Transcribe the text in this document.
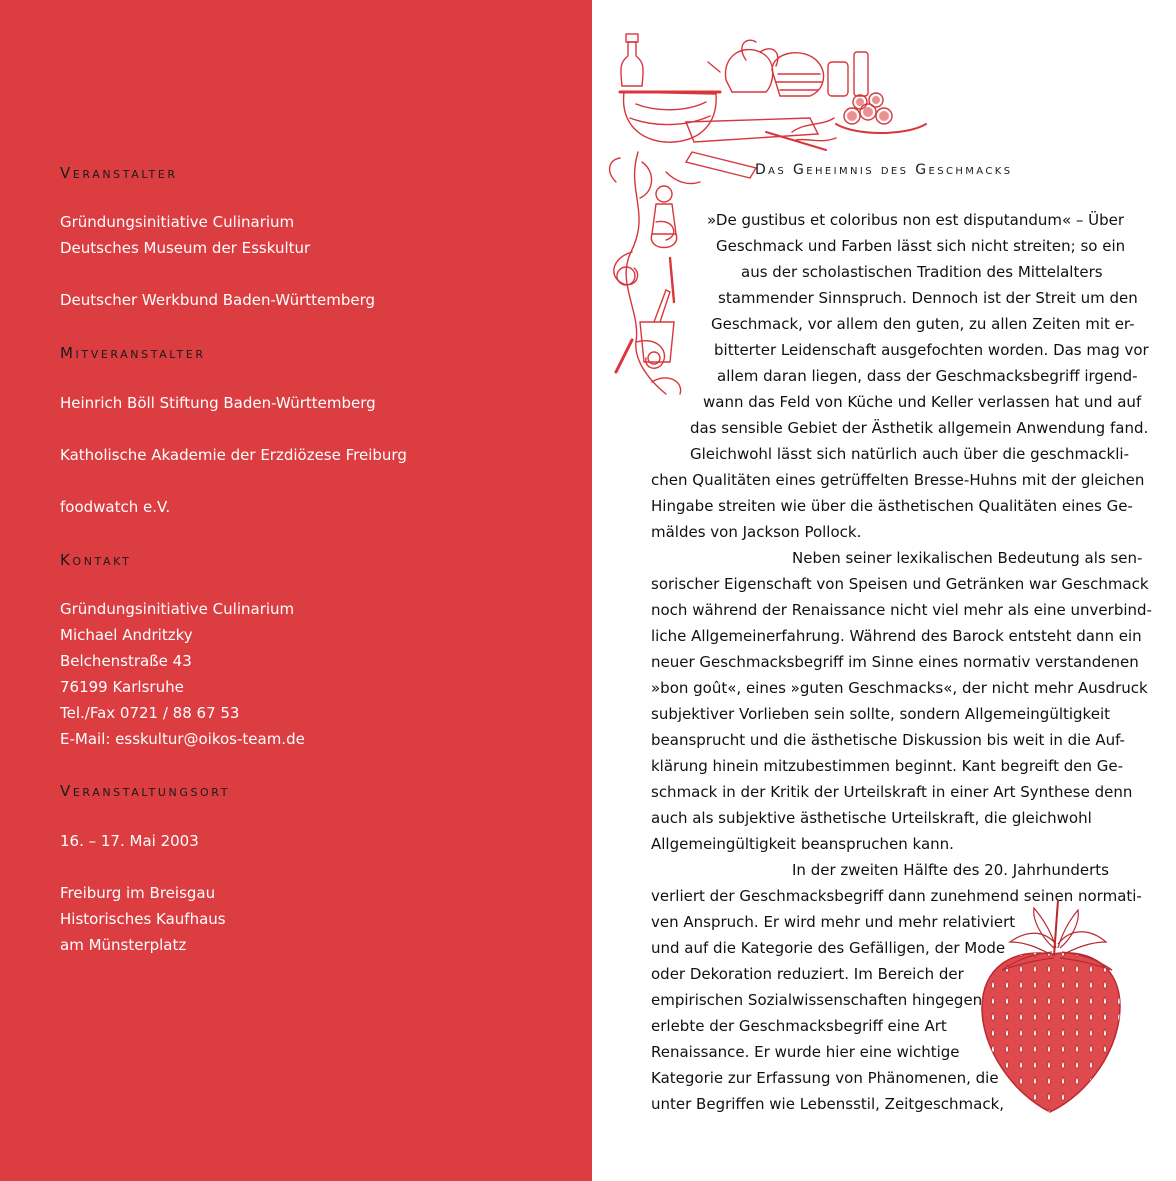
Veranstalter
Gründungsinitiative Culinarium
Deutsches Museum der Esskultur
Deutscher Werkbund Baden-Württemberg
Mitveranstalter
Heinrich Böll Stiftung Baden-Württemberg
Katholische Akademie der Erzdiözese Freiburg
foodwatch e.V.
Kontakt
Gründungsinitiative Culinarium
Michael Andritzky
Belchenstraße 43
76199 Karlsruhe
Tel./Fax 0721 / 88 67 53
E-Mail: esskultur@oikos-team.de
Veranstaltungsort
16. – 17. Mai 2003
Freiburg im Breisgau
Historisches Kaufhaus
am Münsterplatz
Das Geheimnis des Geschmacks
»De gustibus et coloribus non est disputandum« – Über
Geschmack und Farben lässt sich nicht streiten; so ein
aus der scholastischen Tradition des Mittelalters
stammender Sinnspruch. Dennoch ist der Streit um den
Geschmack, vor allem den guten, zu allen Zeiten mit er-
bitterter Leidenschaft ausgefochten worden. Das mag vor
allem daran liegen, dass der Geschmacksbegriff irgend-
wann das Feld von Küche und Keller verlassen hat und auf
das sensible Gebiet der Ästhetik allgemein Anwendung fand.
Gleichwohl lässt sich natürlich auch über die geschmackli-
chen Qualitäten eines getrüffelten Bresse-Huhns mit der gleichen
Hingabe streiten wie über die ästhetischen Qualitäten eines Ge-
mäldes von Jackson Pollock.
Neben seiner lexikalischen Bedeutung als sen-
sorischer Eigenschaft von Speisen und Getränken war Geschmack
noch während der Renaissance nicht viel mehr als eine unverbind-
liche Allgemeinerfahrung. Während des Barock entsteht dann ein
neuer Geschmacksbegriff im Sinne eines normativ verstandenen
»bon goût«, eines »guten Geschmacks«, der nicht mehr Ausdruck
subjektiver Vorlieben sein sollte, sondern Allgemeingültigkeit
beansprucht und die ästhetische Diskussion bis weit in die Auf-
klärung hinein mitzubestimmen beginnt. Kant begreift den Ge-
schmack in der Kritik der Urteilskraft in einer Art Synthese denn
auch als subjektive ästhetische Urteilskraft, die gleichwohl
Allgemeingültigkeit beanspruchen kann.
In der zweiten Hälfte des 20. Jahrhunderts
verliert der Geschmacksbegriff dann zunehmend seinen normati-
ven Anspruch. Er wird mehr und mehr relativiert
und auf die Kategorie des Gefälligen, der Mode
oder Dekoration reduziert. Im Bereich der
empirischen Sozialwissenschaften hingegen
erlebte der Geschmacksbegriff eine Art
Renaissance. Er wurde hier eine wichtige
Kategorie zur Erfassung von Phänomenen, die
unter Begriffen wie Lebensstil, Zeitgeschmack,
